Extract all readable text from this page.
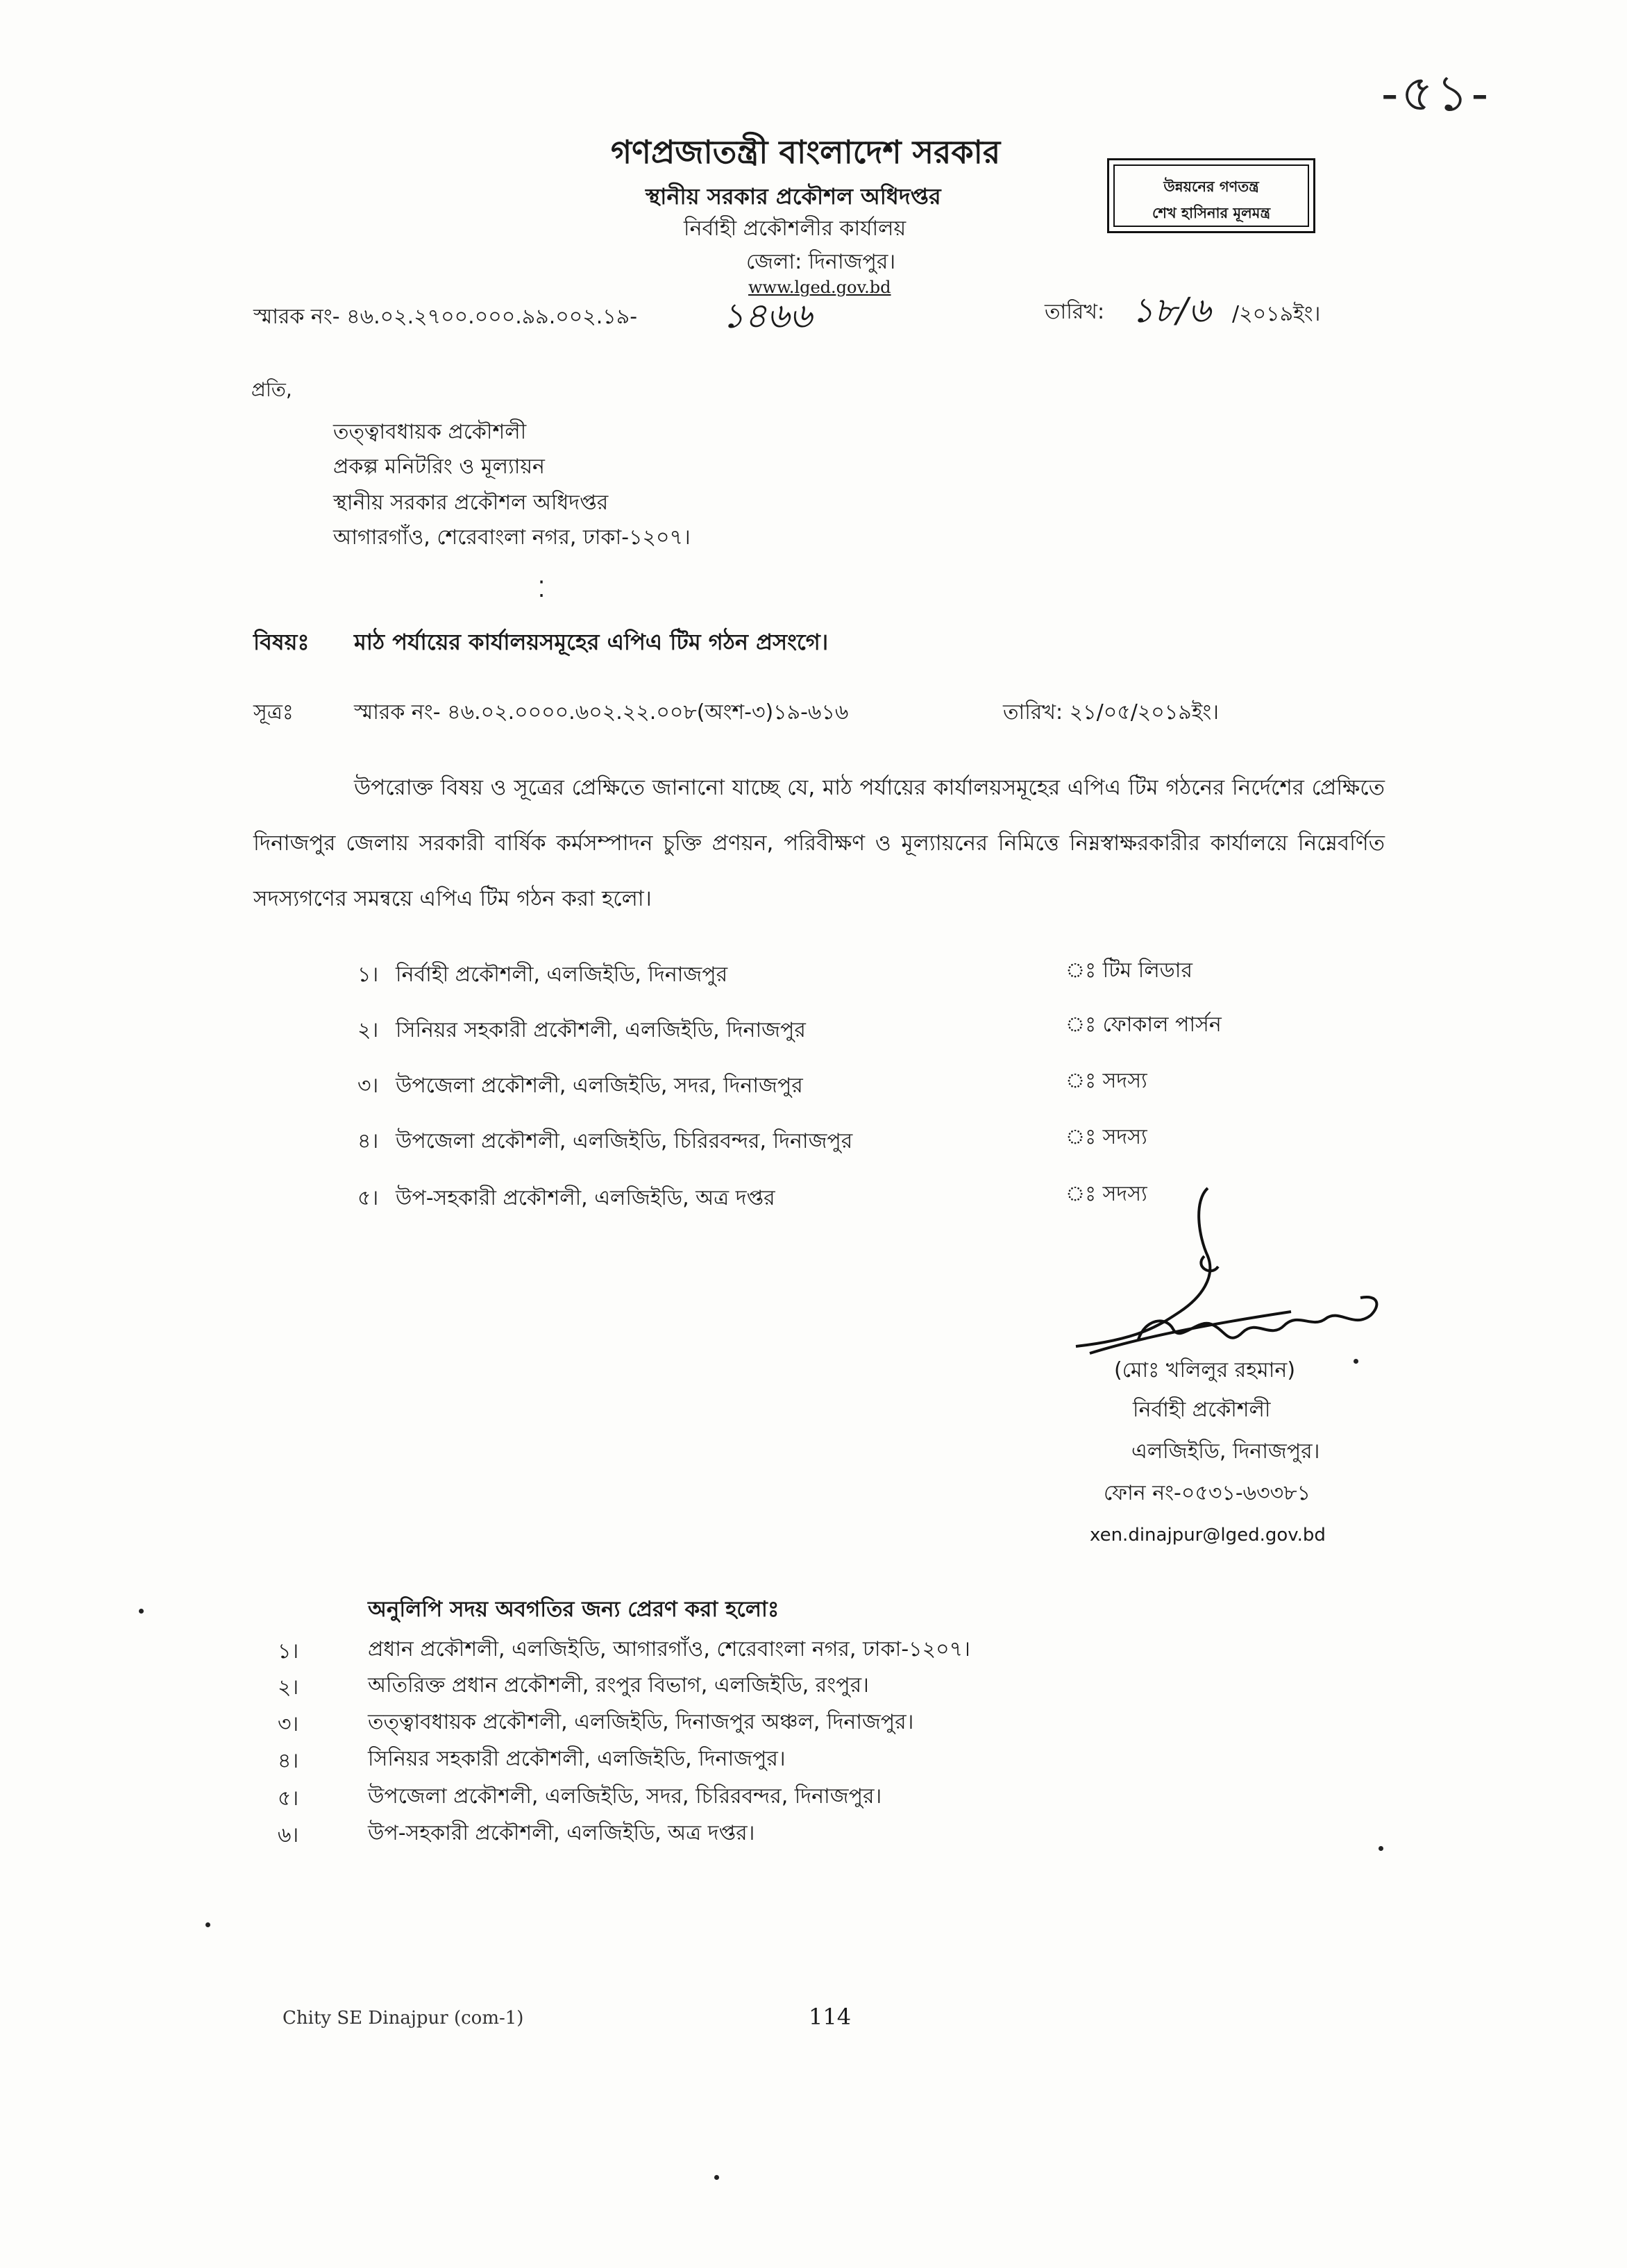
-৫১-
গণপ্রজাতন্ত্রী বাংলাদেশ সরকার
স্থানীয় সরকার প্রকৌশল অধিদপ্তর
নির্বাহী প্রকৌশলীর কার্যালয়
জেলা: দিনাজপুর।
www.lged.gov.bd
উন্নয়নের গণতন্ত্র
শেখ হাসিনার মূলমন্ত্র
স্মারক নং- ৪৬.০২.২৭০০.০০০.৯৯.০০২.১৯- ১৪৬৬	তারিখ: ১৮/৬ /২০১৯ইং।
প্রতি,
তত্ত্বাবধায়ক প্রকৌশলী
প্রকল্প মনিটরিং ও মূল্যায়ন
স্থানীয় সরকার প্রকৌশল অধিদপ্তর
আগারগাঁও, শেরেবাংলা নগর, ঢাকা-১২০৭।
⁚
বিষয়ঃ মাঠ পর্যায়ের কার্যালয়সমূহের এপিএ টিম গঠন প্রসংগে।
সূত্রঃ	স্মারক নং- ৪৬.০২.০০০০.৬০২.২২.০০৮(অংশ-৩)১৯-৬১৬	তারিখ: ২১/০৫/২০১৯ইং।
উপরোক্ত বিষয় ও সূত্রের প্রেক্ষিতে জানানো যাচ্ছে যে, মাঠ পর্যায়ের কার্যালয়সমূহের এপিএ টিম গঠনের নির্দেশের প্রেক্ষিতে দিনাজপুর জেলায় সরকারী বার্ষিক কর্মসম্পাদন চুক্তি প্রণয়ন, পরিবীক্ষণ ও মূল্যায়নের নিমিত্তে নিম্নস্বাক্ষরকারীর কার্যালয়ে নিম্নেবর্ণিত সদস্যগণের সমন্বয়ে এপিএ টিম গঠন করা হলো।
১। নির্বাহী প্রকৌশলী, এলজিইডি, দিনাজপুর	ঃ টিম লিডার
২। সিনিয়র সহকারী প্রকৌশলী, এলজিইডি, দিনাজপুর	ঃ ফোকাল পার্সন
৩। উপজেলা প্রকৌশলী, এলজিইডি, সদর, দিনাজপুর	ঃ সদস্য
৪। উপজেলা প্রকৌশলী, এলজিইডি, চিরিরবন্দর, দিনাজপুর	ঃ সদস্য
৫। উপ-সহকারী প্রকৌশলী, এলজিইডি, অত্র দপ্তর	ঃ সদস্য
(মোঃ খলিলুর রহমান)
নির্বাহী প্রকৌশলী
এলজিইডি, দিনাজপুর।
ফোন নং-০৫৩১-৬৩৩৮১
xen.dinajpur@lged.gov.bd
অনুলিপি সদয় অবগতির জন্য প্রেরণ করা হলোঃ
১।	প্রধান প্রকৌশলী, এলজিইডি, আগারগাঁও, শেরেবাংলা নগর, ঢাকা-১২০৭।
২।	অতিরিক্ত প্রধান প্রকৌশলী, রংপুর বিভাগ, এলজিইডি, রংপুর।
৩।	তত্ত্বাবধায়ক প্রকৌশলী, এলজিইডি, দিনাজপুর অঞ্চল, দিনাজপুর।
৪।	সিনিয়র সহকারী প্রকৌশলী, এলজিইডি, দিনাজপুর।
৫।	উপজেলা প্রকৌশলী, এলজিইডি, সদর, চিরিরবন্দর, দিনাজপুর।
৬।	উপ-সহকারী প্রকৌশলী, এলজিইডি, অত্র দপ্তর।
Chity SE Dinajpur (com-1)	114
